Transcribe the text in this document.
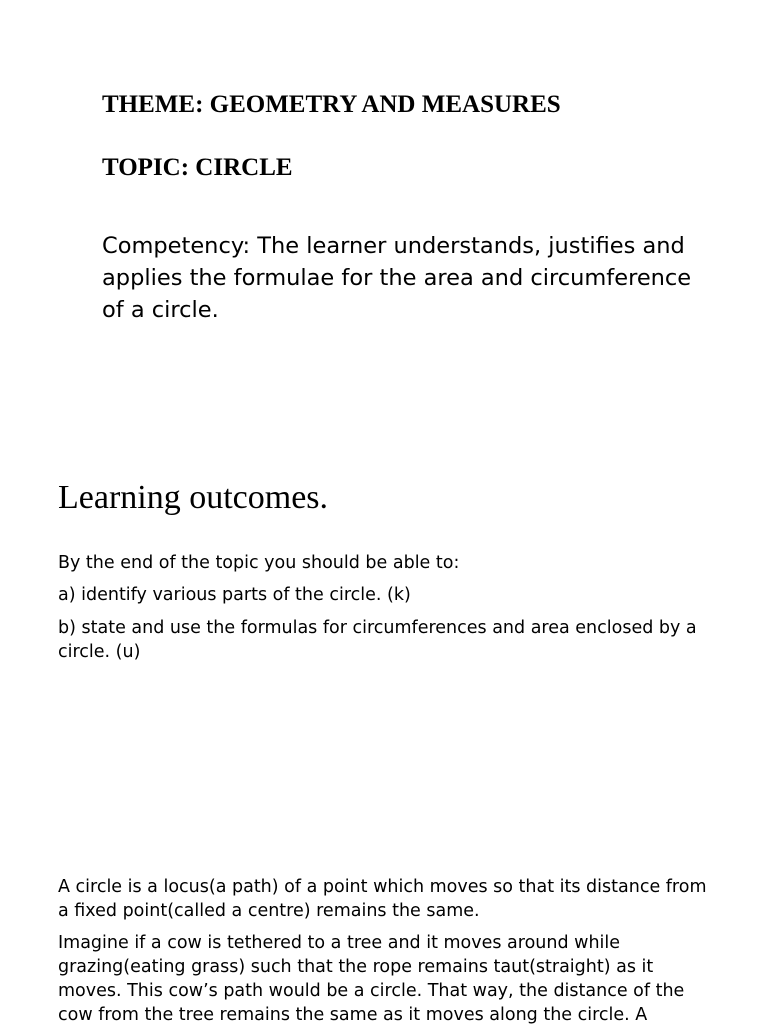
THEME: GEOMETRY AND MEASURES
TOPIC: CIRCLE

Competency: The learner understands, justifies and applies the formulae for the area and circumference of a circle.

Learning outcomes.

By the end of the topic you should be able to:

a) identify various parts of the circle. (k)

b) state and use the formulas for circumferences and area enclosed by a circle. (u)

A circle is a locus(a path) of a point which moves so that its distance from a fixed point(called a centre) remains the same.

Imagine if a cow is tethered to a tree and it moves around while grazing(eating grass) such that the rope remains taut(straight) as it moves. This cow’s path would be a circle. That way, the distance of the cow from the tree remains the same as it moves along the circle. A
